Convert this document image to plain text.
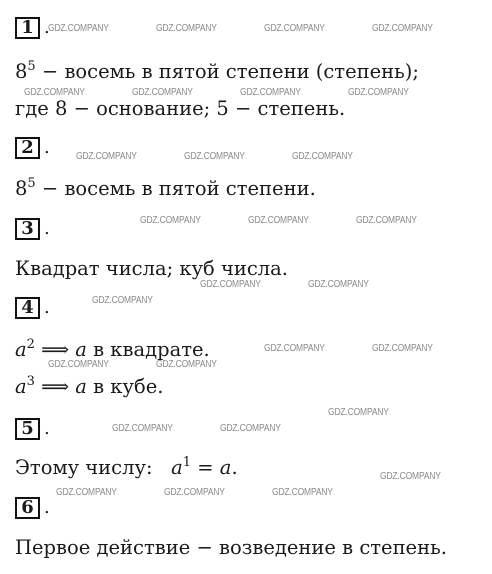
1 .
$8^5$ − восемь в пятой степени (степень);
где 8 − основание; 5 − степень.
2 .
$8^5$ − восемь в пятой степени.
3 .
Квадрат числа; куб числа.
4 .
$a^2$ ⟹ a в квадрате.
$a^3$ ⟹ a в кубе.
5 .
Этому числу:   $a^1 = a$.
6 .
Первое действие − возведение в степень.
GDZ.COMPANY	GDZ.COMPANY	GDZ.COMPANY	GDZ.COMPANY
GDZ.COMPANY	GDZ.COMPANY	GDZ.COMPANY	GDZ.COMPANY
GDZ.COMPANY	GDZ.COMPANY	GDZ.COMPANY
GDZ.COMPANY	GDZ.COMPANY	GDZ.COMPANY
GDZ.COMPANY	GDZ.COMPANY
GDZ.COMPANY
GDZ.COMPANY	GDZ.COMPANY
GDZ.COMPANY	GDZ.COMPANY
GDZ.COMPANY
GDZ.COMPANY	GDZ.COMPANY
GDZ.COMPANY
GDZ.COMPANY	GDZ.COMPANY	GDZ.COMPANY
